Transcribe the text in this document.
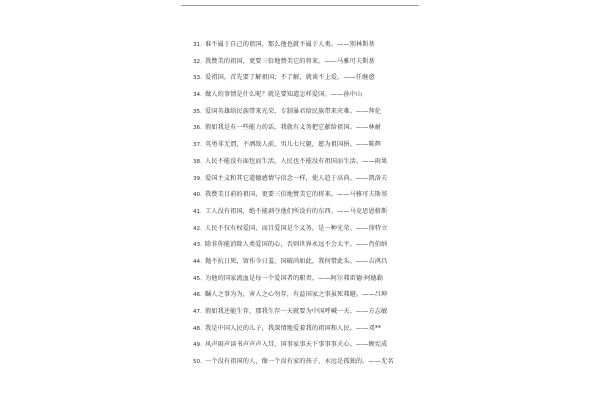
31. 谁不属于自己的祖国，那么他也就不属于人类。——别林斯基
32. 我赞美的祖国，更要三倍地赞美它的将来。——马雅可夫斯基
33. 爱祖国，首先要了解祖国；不了解，就谈不上爱。——任继愈
34. 做人的事情是什么呢？就是要知道怎样爱国。——孙中山
35. 爱国英雄给民族带来光荣，专制暴君给民族带来灾难。——拜伦
36. 假如我是有一些能力的话，我就有义务把它献给祖国。——林耐
37. 英勇非无谓，不洒敌人前，男儿七尺躯，愿为祖国捐。——陈辉
38. 人民不能没有面包而生活，人民也不能没有祖国而生活。——雨果
39. 爱国主义和其它道德感情与信念一样，使人趋于高尚。——凯洛夫
40. 我赞美目前的祖国，更要三倍地赞美它的将来。——马雅可夫斯基
41. 工人没有祖国，绝不能剥夺他们所没有的东西。——马克思恩格斯
42. 人民不仅有权爱国，而且爱国是个义务，是一种光荣。——徐特立
43. 除非你能消除人类爱国的心，否则世界永远不会太平。——肖伯纳
44. 抛不抗日死，留作今日羞，国破尚如此，我何惜此头。——吉鸿昌
45. 为他的国家流血是每一个爱国者的职责。——阿尔弗雷德·阿德勒
46. 瞩人之事为为，害人之心勿存，有益国家之事虽死弗避。——吕坤
47. 假如我还能生存，那我生存一天就要为中国呼喊一天。——方志敏
48. 我是中国人民的儿子，我深情地爱着我的祖国和人民。——邓**
49. 风声雨声读书声声声入耳，国事家事天下事事事关心。——顾宪成
50. 一个没有祖国的人，像一个没有家的孩子，永远是孤独的。——无名
